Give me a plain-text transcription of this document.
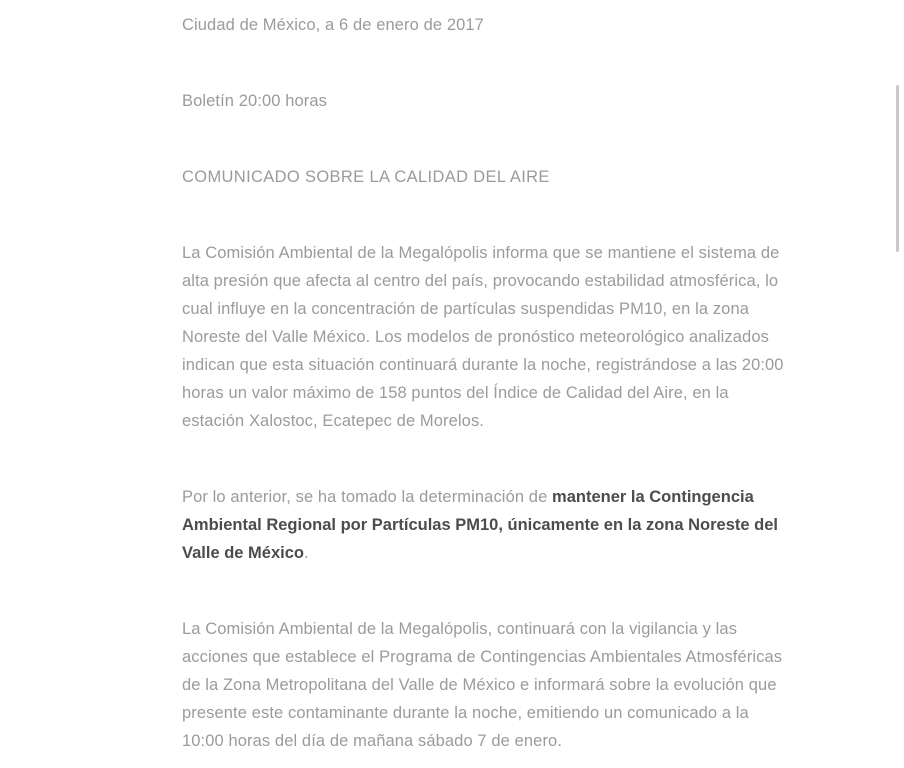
Ciudad de México, a 6 de enero de 2017

Boletín 20:00 horas

COMUNICADO SOBRE LA CALIDAD DEL AIRE

La Comisión Ambiental de la Megalópolis informa que se mantiene el sistema de alta presión que afecta al centro del país, provocando estabilidad atmosférica, lo cual influye en la concentración de partículas suspendidas PM10, en la zona Noreste del Valle México. Los modelos de pronóstico meteorológico analizados indican que esta situación continuará durante la noche, registrándose a las 20:00 horas un valor máximo de 158 puntos del Índice de Calidad del Aire, en la estación Xalostoc, Ecatepec de Morelos.

Por lo anterior, se ha tomado la determinación de mantener la Contingencia Ambiental Regional por Partículas PM10, únicamente en la zona Noreste del Valle de México.

La Comisión Ambiental de la Megalópolis, continuará con la vigilancia y las acciones que establece el Programa de Contingencias Ambientales Atmosféricas de la Zona Metropolitana del Valle de México e informará sobre la evolución que presente este contaminante durante la noche, emitiendo un comunicado a la 10:00 horas del día de mañana sábado 7 de enero.
